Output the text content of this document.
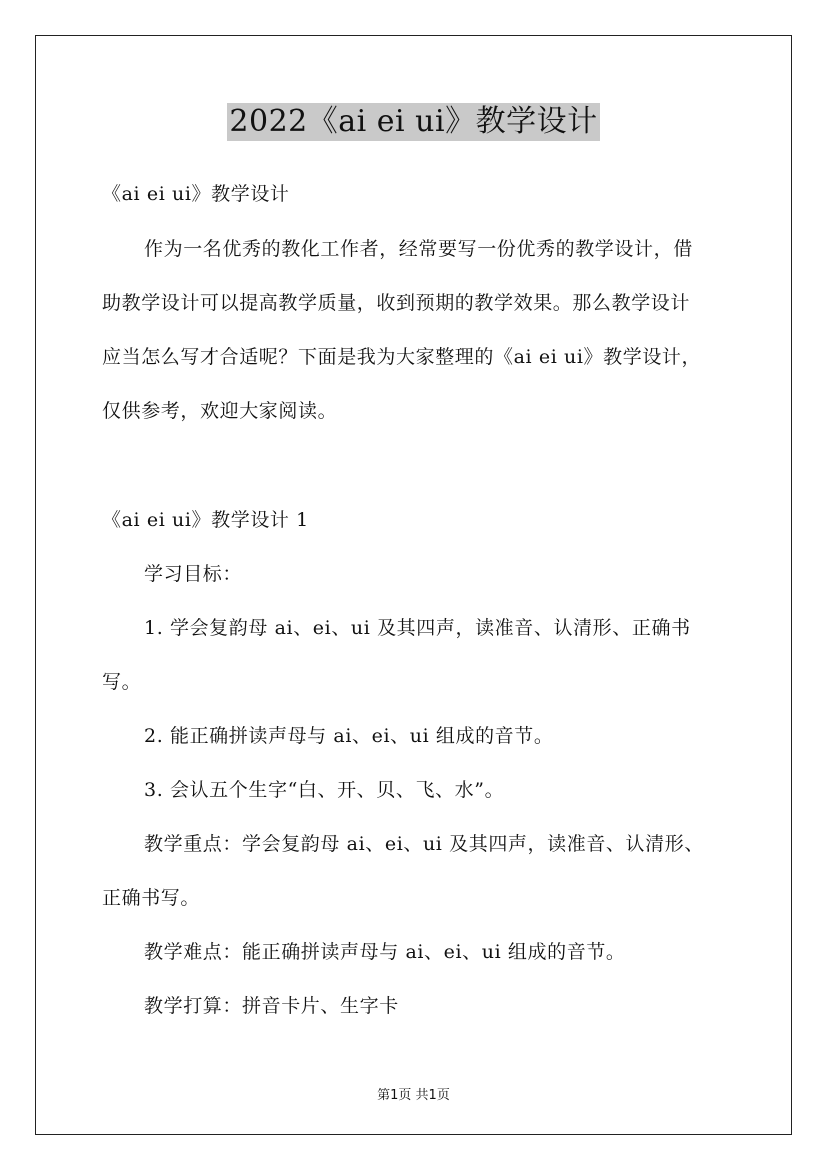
2022《ai ei ui》教学设计
《ai ei ui》教学设计
作为一名优秀的教化工作者，经常要写一份优秀的教学设计，借
助教学设计可以提高教学质量，收到预期的教学效果。那么教学设计
应当怎么写才合适呢？下面是我为大家整理的《ai ei ui》教学设计，
仅供参考，欢迎大家阅读。
《ai ei ui》教学设计 1
学习目标：
1. 学会复韵母 ai、ei、ui 及其四声，读准音、认清形、正确书
写。
2. 能正确拼读声母与 ai、ei、ui 组成的音节。
3. 会认五个生字“白、开、贝、飞、水”。
教学重点：学会复韵母 ai、ei、ui 及其四声，读准音、认清形、
正确书写。
教学难点：能正确拼读声母与 ai、ei、ui 组成的音节。
教学打算：拼音卡片、生字卡
第1页 共1页
